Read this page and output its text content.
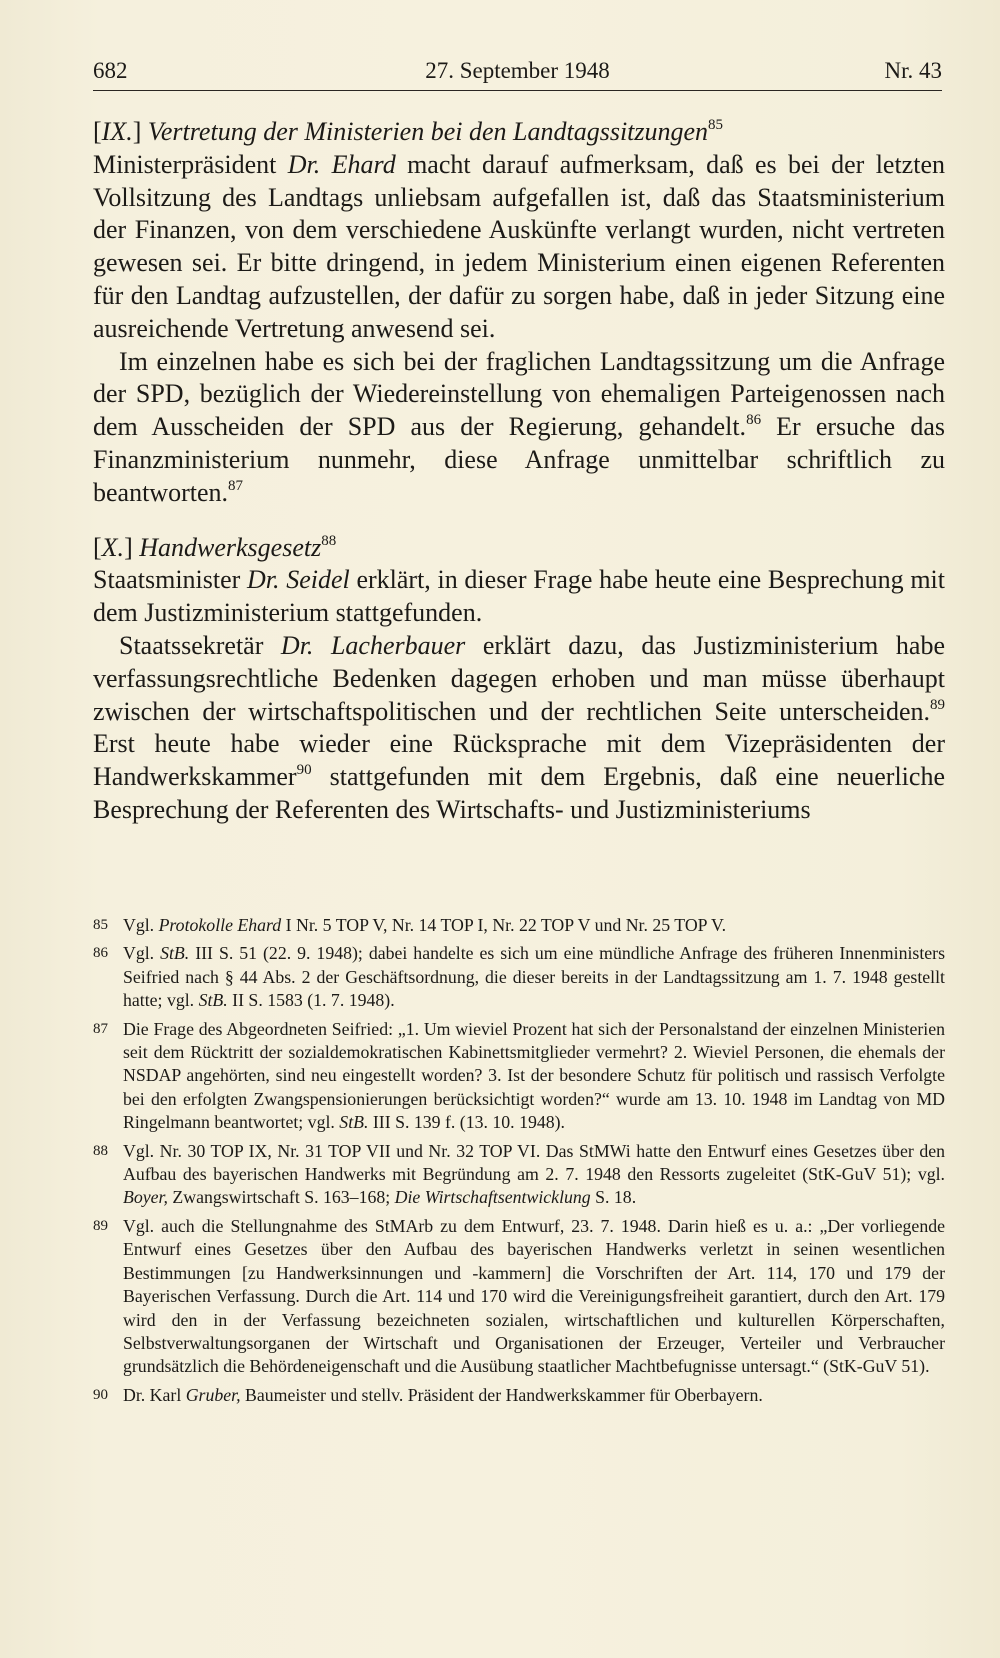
682	27. September 1948	Nr. 43

[IX.] Vertretung der Ministerien bei den Landtagssitzungen$^{85}$

Ministerpräsident Dr. Ehard macht darauf aufmerksam, daß es bei der letzten Vollsitzung des Landtags unliebsam aufgefallen ist, daß das Staatsministerium der Finanzen, von dem verschiedene Auskünfte verlangt wurden, nicht vertreten gewesen sei. Er bitte dringend, in jedem Ministerium einen eigenen Referenten für den Landtag aufzustellen, der dafür zu sorgen habe, daß in jeder Sitzung eine ausreichende Vertretung anwesend sei.

Im einzelnen habe es sich bei der fraglichen Landtagssitzung um die Anfrage der SPD, bezüglich der Wiedereinstellung von ehemaligen Parteigenossen nach dem Ausscheiden der SPD aus der Regierung, gehandelt.$^{86}$ Er ersuche das Finanzministerium nunmehr, diese Anfrage unmittelbar schriftlich zu beantworten.$^{87}$

[X.] Handwerksgesetz$^{88}$

Staatsminister Dr. Seidel erklärt, in dieser Frage habe heute eine Besprechung mit dem Justizministerium stattgefunden.

Staatssekretär Dr. Lacherbauer erklärt dazu, das Justizministerium habe verfassungsrechtliche Bedenken dagegen erhoben und man müsse überhaupt zwischen der wirtschaftspolitischen und der rechtlichen Seite unterscheiden.$^{89}$ Erst heute habe wieder eine Rücksprache mit dem Vizepräsidenten der Handwerkskammer$^{90}$ stattgefunden mit dem Ergebnis, daß eine neuerliche Besprechung der Referenten des Wirtschafts- und Justizministeriums

85 Vgl. Protokolle Ehard I Nr. 5 TOP V, Nr. 14 TOP I, Nr. 22 TOP V und Nr. 25 TOP V.
86 Vgl. StB. III S. 51 (22. 9. 1948); dabei handelte es sich um eine mündliche Anfrage des früheren Innenministers Seifried nach § 44 Abs. 2 der Geschäftsordnung, die dieser bereits in der Landtagssitzung am 1. 7. 1948 gestellt hatte; vgl. StB. II S. 1583 (1. 7. 1948).
87 Die Frage des Abgeordneten Seifried: „1. Um wieviel Prozent hat sich der Personalstand der einzelnen Ministerien seit dem Rücktritt der sozialdemokratischen Kabinettsmitglieder vermehrt? 2. Wieviel Personen, die ehemals der NSDAP angehörten, sind neu eingestellt worden? 3. Ist der besondere Schutz für politisch und rassisch Verfolgte bei den erfolgten Zwangspensionierungen berücksichtigt worden?“ wurde am 13. 10. 1948 im Landtag von MD Ringelmann beantwortet; vgl. StB. III S. 139 f. (13. 10. 1948).
88 Vgl. Nr. 30 TOP IX, Nr. 31 TOP VII und Nr. 32 TOP VI. Das StMWi hatte den Entwurf eines Gesetzes über den Aufbau des bayerischen Handwerks mit Begründung am 2. 7. 1948 den Ressorts zugeleitet (StK-GuV 51); vgl. Boyer, Zwangswirtschaft S. 163–168; Die Wirtschaftsentwicklung S. 18.
89 Vgl. auch die Stellungnahme des StMArb zu dem Entwurf, 23. 7. 1948. Darin hieß es u. a.: „Der vorliegende Entwurf eines Gesetzes über den Aufbau des bayerischen Handwerks verletzt in seinen wesentlichen Bestimmungen [zu Handwerksinnungen und -kammern] die Vorschriften der Art. 114, 170 und 179 der Bayerischen Verfassung. Durch die Art. 114 und 170 wird die Vereinigungsfreiheit garantiert, durch den Art. 179 wird den in der Verfassung bezeichneten sozialen, wirtschaftlichen und kulturellen Körperschaften, Selbstverwaltungsorganen der Wirtschaft und Organisationen der Erzeuger, Verteiler und Verbraucher grundsätzlich die Behördeneigenschaft und die Ausübung staatlicher Machtbefugnisse untersagt.“ (StK-GuV 51).
90 Dr. Karl Gruber, Baumeister und stellv. Präsident der Handwerkskammer für Oberbayern.
